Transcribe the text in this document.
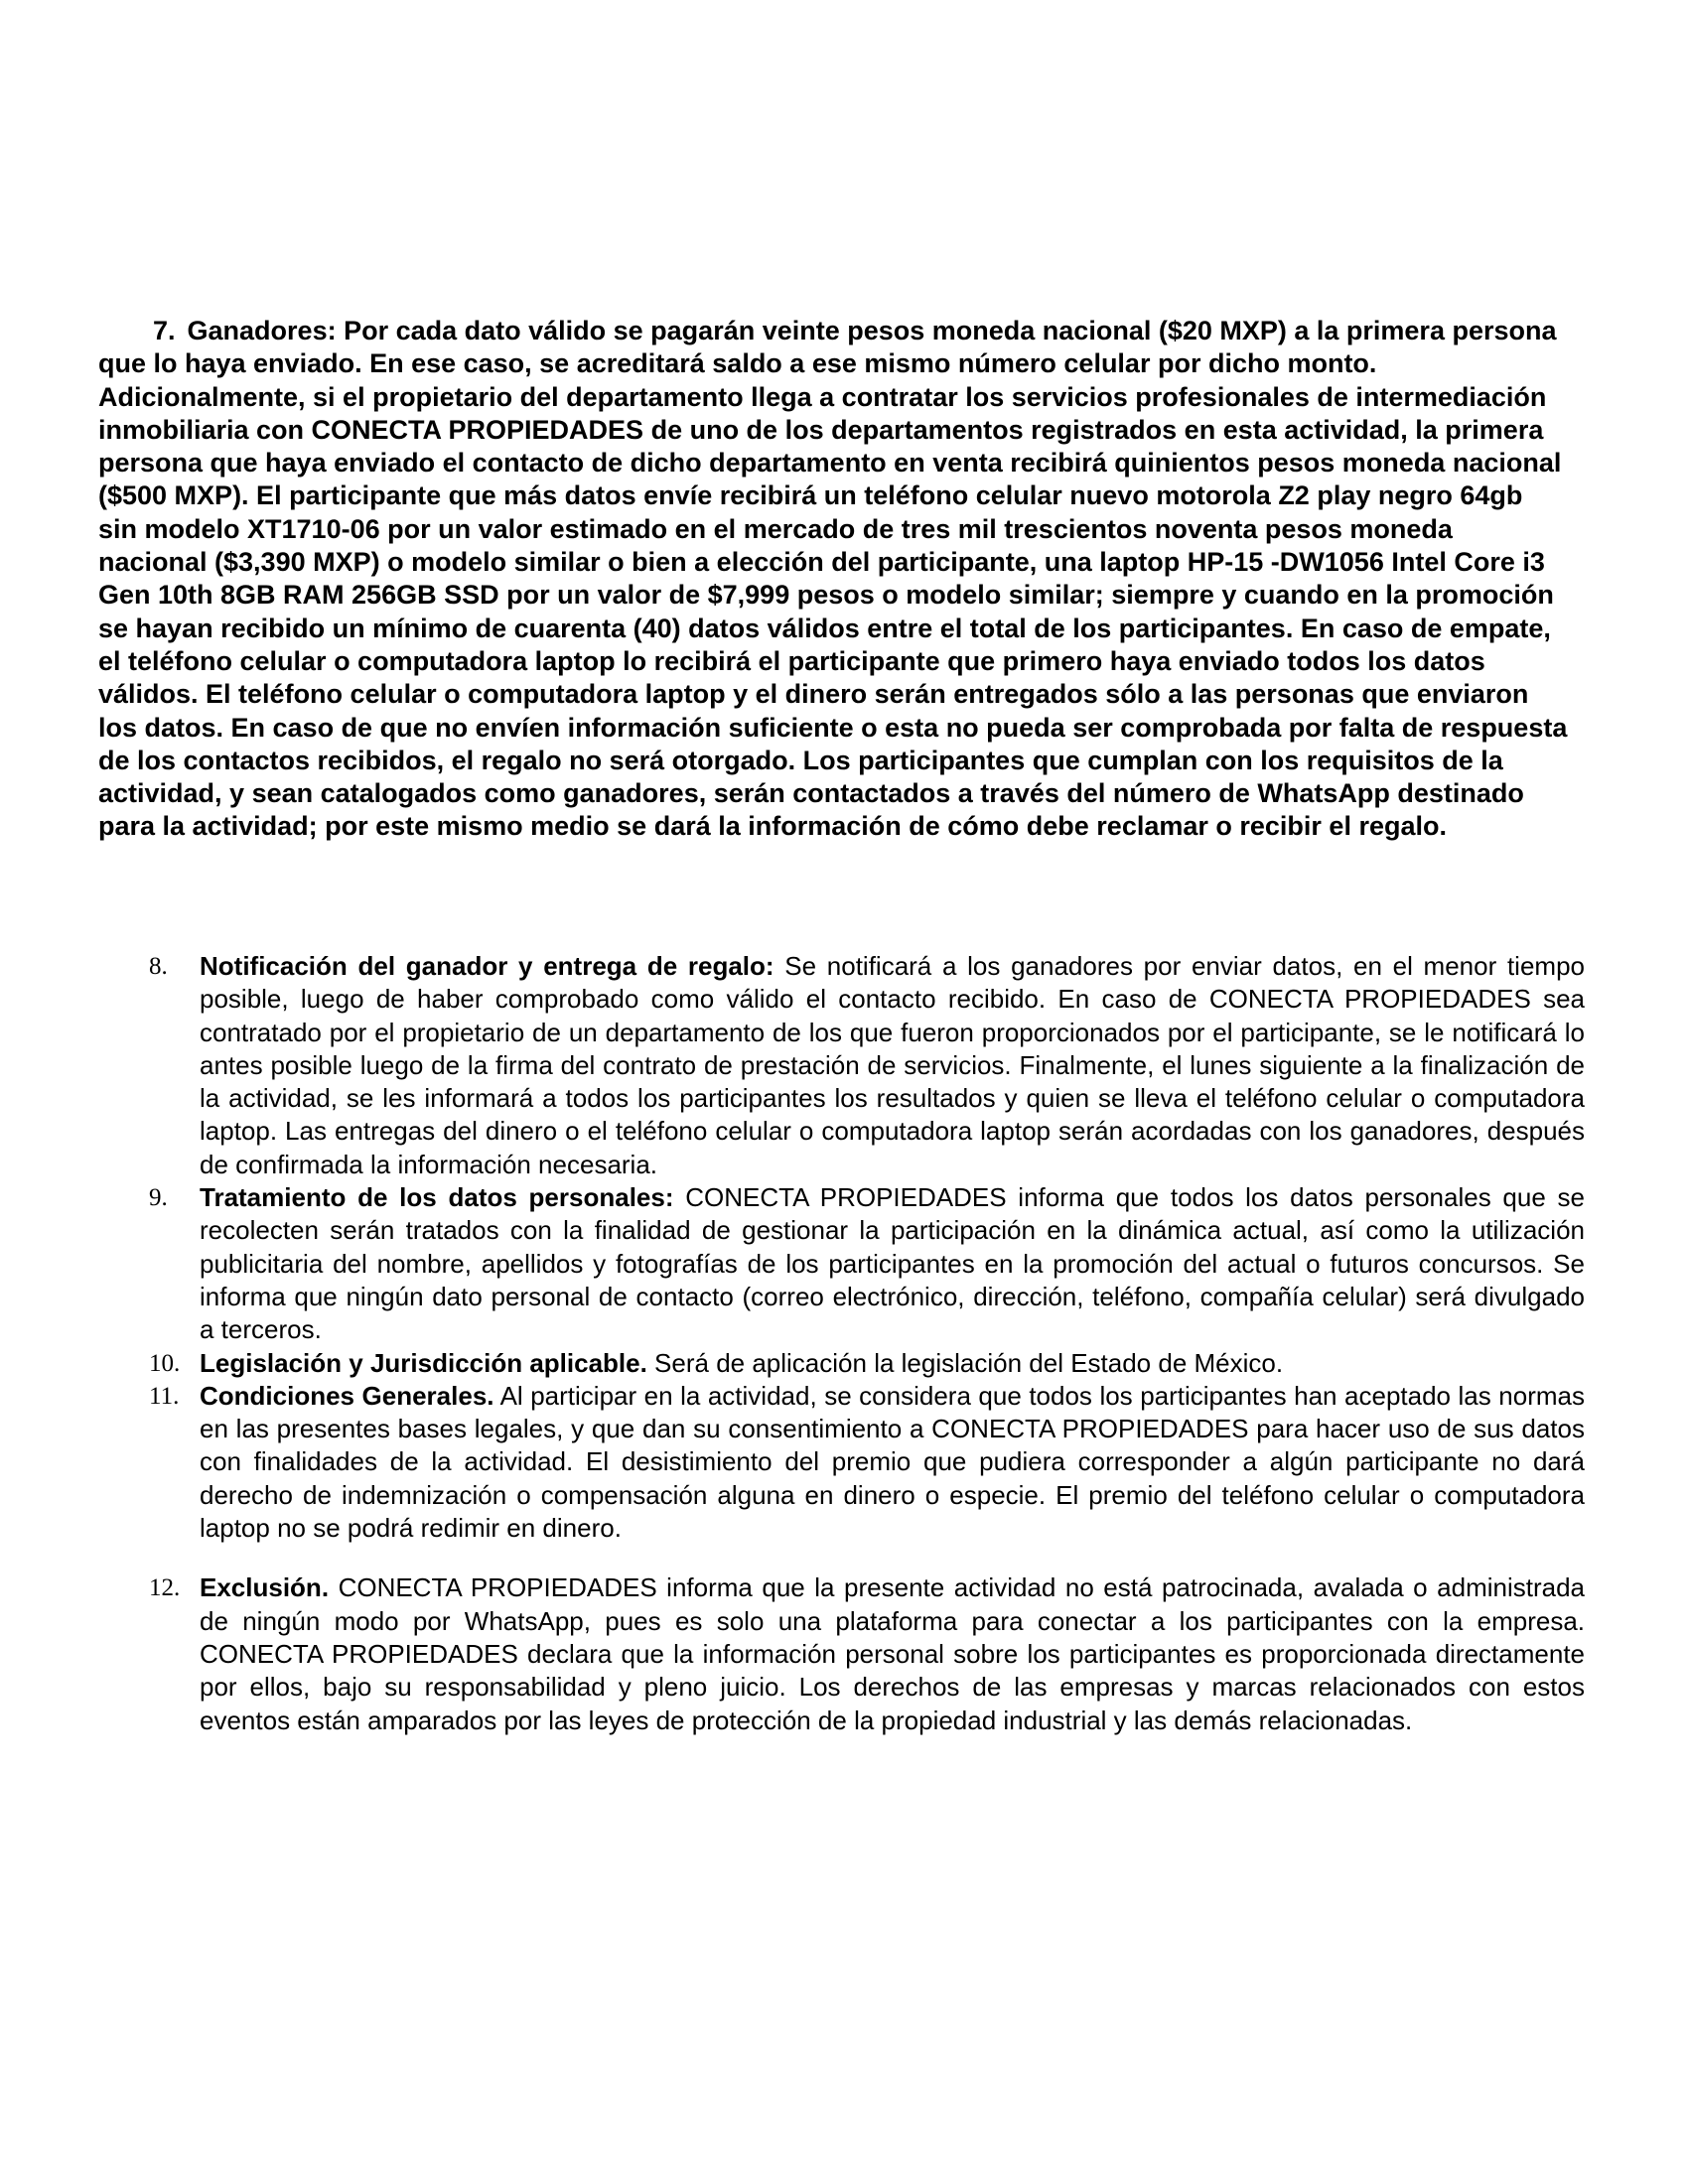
7. Ganadores: Por cada dato válido se pagarán veinte pesos moneda nacional ($20 MXP) a la primera persona que lo haya enviado. En ese caso, se acreditará saldo a ese mismo número celular por dicho monto. Adicionalmente, si el propietario del departamento llega a contratar los servicios profesionales de intermediación inmobiliaria con CONECTA PROPIEDADES de uno de los departamentos registrados en esta actividad, la primera persona que haya enviado el contacto de dicho departamento en venta recibirá quinientos pesos moneda nacional ($500 MXP). El participante que más datos envíe recibirá un teléfono celular nuevo motorola Z2 play negro 64gb sin modelo XT1710-06 por un valor estimado en el mercado de tres mil trescientos noventa pesos moneda nacional ($3,390 MXP) o modelo similar o bien a elección del participante, una laptop HP-15 -DW1056 Intel Core i3 Gen 10th 8GB RAM 256GB SSD por un valor de $7,999 pesos o modelo similar; siempre y cuando en la promoción se hayan recibido un mínimo de cuarenta (40) datos válidos entre el total de los participantes. En caso de empate, el teléfono celular o computadora laptop lo recibirá el participante que primero haya enviado todos los datos válidos. El teléfono celular o computadora laptop y el dinero serán entregados sólo a las personas que enviaron los datos. En caso de que no envíen información suficiente o esta no pueda ser comprobada por falta de respuesta de los contactos recibidos, el regalo no será otorgado. Los participantes que cumplan con los requisitos de la actividad, y sean catalogados como ganadores, serán contactados a través del número de WhatsApp destinado para la actividad; por este mismo medio se dará la información de cómo debe reclamar o recibir el regalo.

8. Notificación del ganador y entrega de regalo: Se notificará a los ganadores por enviar datos, en el menor tiempo posible, luego de haber comprobado como válido el contacto recibido. En caso de CONECTA PROPIEDADES sea contratado por el propietario de un departamento de los que fueron proporcionados por el participante, se le notificará lo antes posible luego de la firma del contrato de prestación de servicios. Finalmente, el lunes siguiente a la finalización de la actividad, se les informará a todos los participantes los resultados y quien se lleva el teléfono celular o computadora laptop. Las entregas del dinero o el teléfono celular o computadora laptop serán acordadas con los ganadores, después de confirmada la información necesaria.
9. Tratamiento de los datos personales: CONECTA PROPIEDADES informa que todos los datos personales que se recolecten serán tratados con la finalidad de gestionar la participación en la dinámica actual, así como la utilización publicitaria del nombre, apellidos y fotografías de los participantes en la promoción del actual o futuros concursos. Se informa que ningún dato personal de contacto (correo electrónico, dirección, teléfono, compañía celular) será divulgado a terceros.
10. Legislación y Jurisdicción aplicable. Será de aplicación la legislación del Estado de México.
11. Condiciones Generales. Al participar en la actividad, se considera que todos los participantes han aceptado las normas en las presentes bases legales, y que dan su consentimiento a CONECTA PROPIEDADES para hacer uso de sus datos con finalidades de la actividad. El desistimiento del premio que pudiera corresponder a algún participante no dará derecho de indemnización o compensación alguna en dinero o especie. El premio del teléfono celular o computadora laptop no se podrá redimir en dinero.
12. Exclusión. CONECTA PROPIEDADES informa que la presente actividad no está patrocinada, avalada o administrada de ningún modo por WhatsApp, pues es solo una plataforma para conectar a los participantes con la empresa. CONECTA PROPIEDADES declara que la información personal sobre los participantes es proporcionada directamente por ellos, bajo su responsabilidad y pleno juicio. Los derechos de las empresas y marcas relacionados con estos eventos están amparados por las leyes de protección de la propiedad industrial y las demás relacionadas.
